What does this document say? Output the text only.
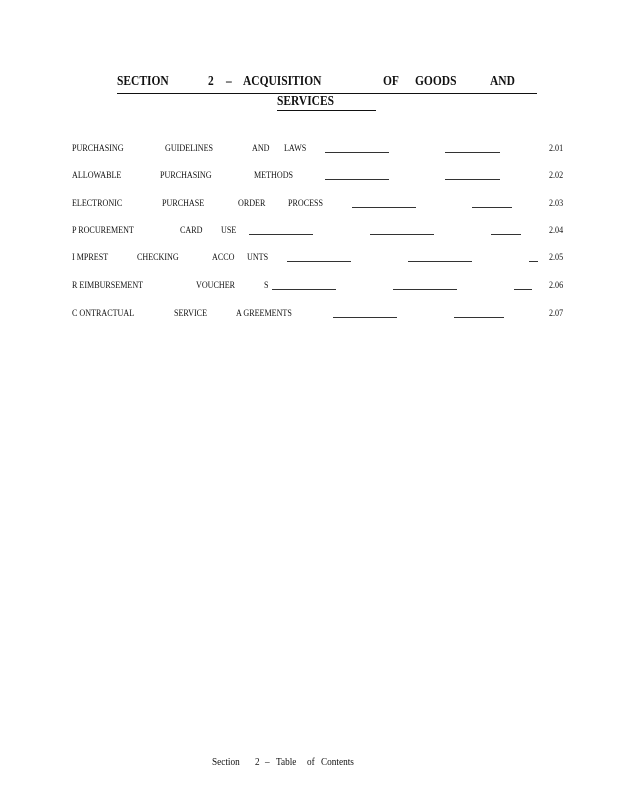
SECTION	2 – ACQUISITION	OF GOODS AND
SERVICES
PURCHASING	GUIDELINES	AND LAWS	2.01
ALLOWABLE	PURCHASING	METHODS	2.02
ELECTRONIC	PURCHASE	ORDER PROCESS	2.03
P ROCUREMENT	CARD USE	2.04
I MPREST	CHECKING	ACCO UNTS	2.05
R EIMBURSEMENT	VOUCHER	S	2.06
C ONTRACTUAL	SERVICE	A GREEMENTS	2.07
Section 2 – Table of Contents
